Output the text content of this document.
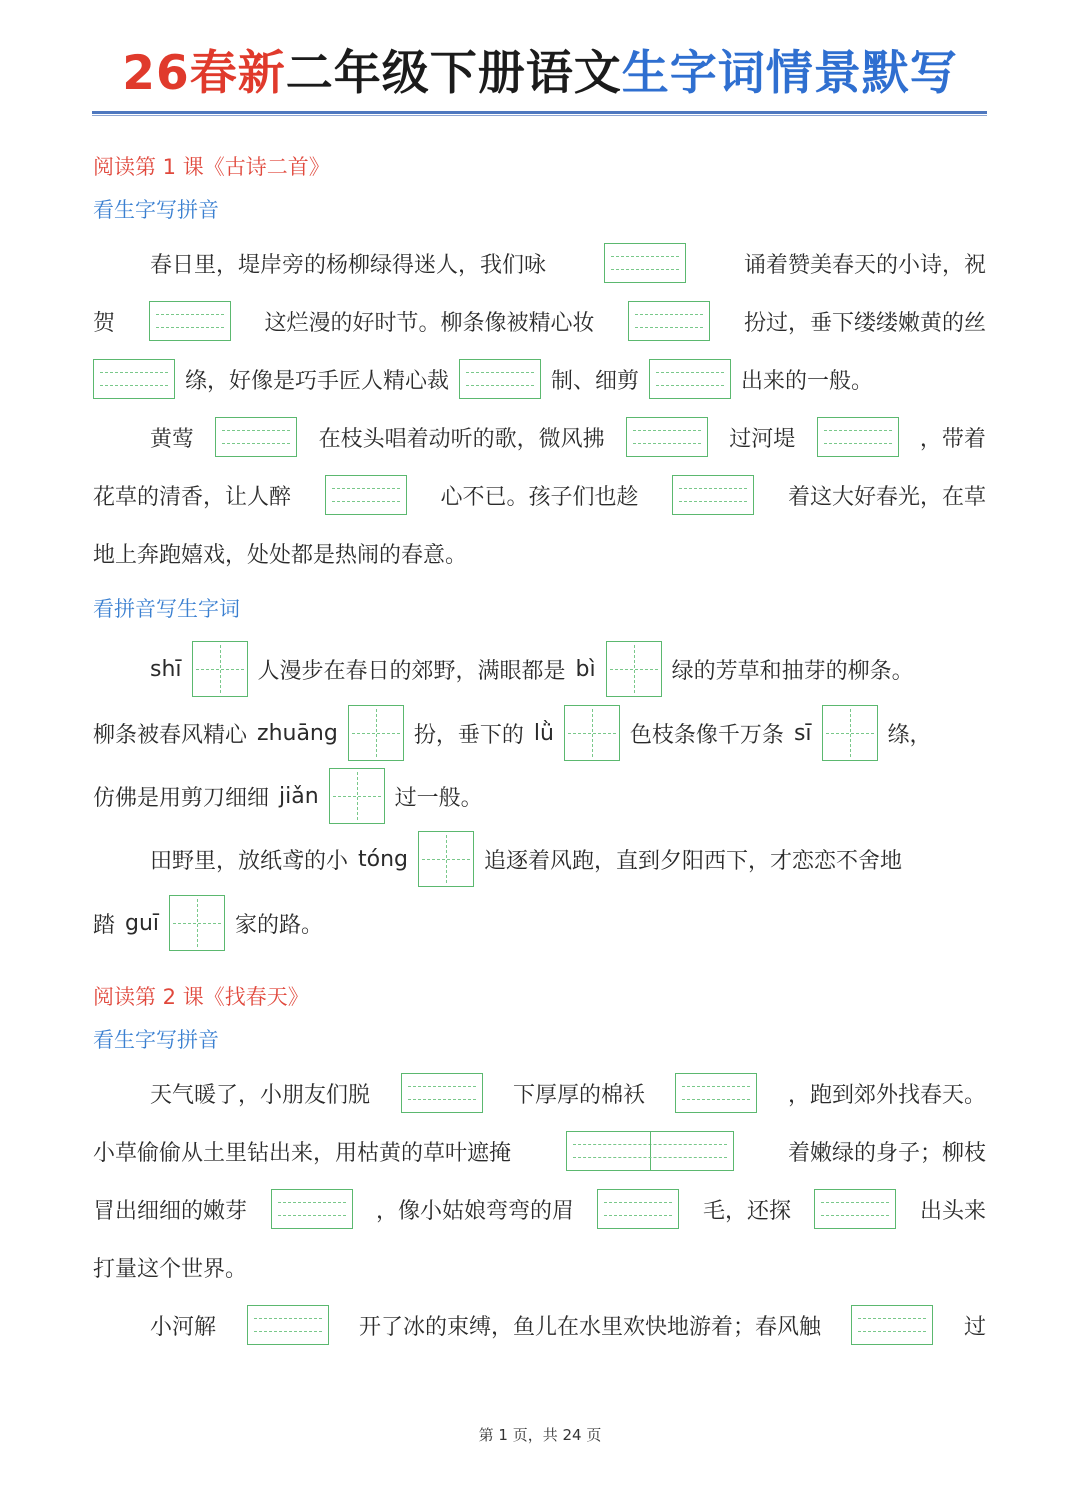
26春新二年级下册语文生字词情景默写
阅读第 1 课《古诗二首》
看生字写拼音
春日里，堤岸旁的杨柳绿得迷人，我们咏	诵着赞美春天的小诗，祝
贺	这烂漫的好时节。柳条像被精心妆	扮过，垂下缕缕嫩黄的丝
绦，好像是巧手匠人精心裁	制、细剪	出来的一般。
黄莺	在枝头唱着动听的歌，微风拂	过河堤	，带着
花草的清香，让人醉	心不已。孩子们也趁	着这大好春光，在草
地上奔跑嬉戏，处处都是热闹的春意。
看拼音写生字词
shī	人漫步在春日的郊野，满眼都是 bì	绿的芳草和抽芽的柳条。
柳条被春风精心 zhuāng	扮，垂下的 lǜ	色枝条像千万条 sī	绦，
仿佛是用剪刀细细 jiǎn	过一般。
田野里，放纸鸢的小 tóng	追逐着风跑，直到夕阳西下，才恋恋不舍地
踏 guī	家的路。
阅读第 2 课《找春天》
看生字写拼音
天气暖了，小朋友们脱	下厚厚的棉袄	，跑到郊外找春天。
小草偷偷从土里钻出来，用枯黄的草叶遮掩	着嫩绿的身子；柳枝
冒出细细的嫩芽	，像小姑娘弯弯的眉	毛，还探	出头来
打量这个世界。
小河解	开了冰的束缚，鱼儿在水里欢快地游着；春风触	过
第 1 页，共 24 页
